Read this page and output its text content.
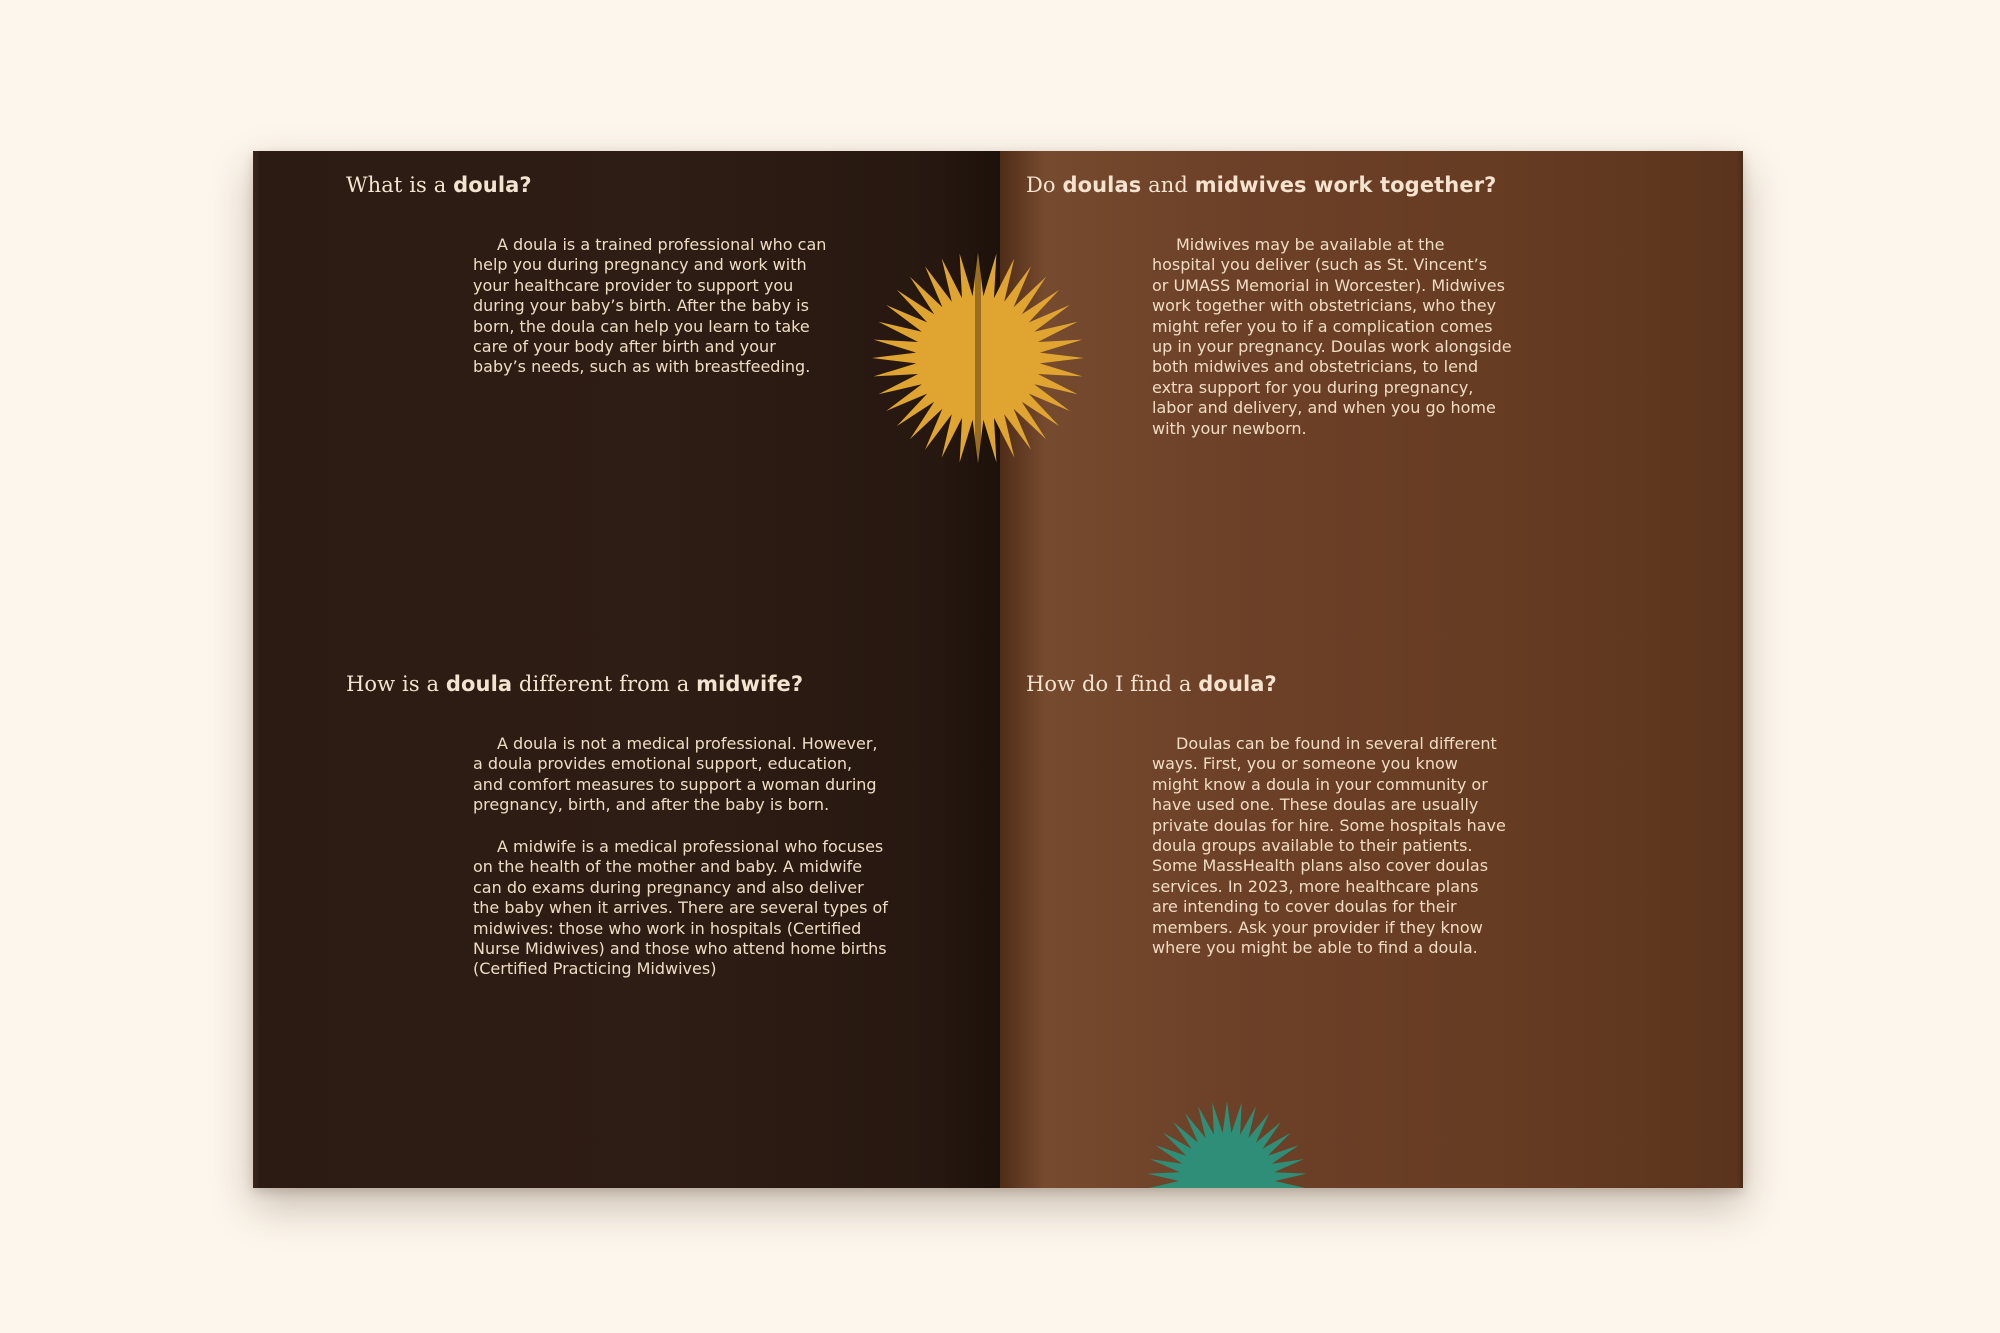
What is a doula?

A doula is a trained professional who can
help you during pregnancy and work with
your healthcare provider to support you
during your baby’s birth. After the baby is
born, the doula can help you learn to take
care of your body after birth and your
baby’s needs, such as with breastfeeding.

How is a doula different from a midwife?

A doula is not a medical professional. However,
a doula provides emotional support, education,
and comfort measures to support a woman during
pregnancy, birth, and after the baby is born.

A midwife is a medical professional who focuses
on the health of the mother and baby. A midwife
can do exams during pregnancy and also deliver
the baby when it arrives. There are several types of
midwives: those who work in hospitals (Certified
Nurse Midwives) and those who attend home births
(Certified Practicing Midwives)

Do doulas and midwives work together?

Midwives may be available at the
hospital you deliver (such as St. Vincent’s
or UMASS Memorial in Worcester). Midwives
work together with obstetricians, who they
might refer you to if a complication comes
up in your pregnancy. Doulas work alongside
both midwives and obstetricians, to lend
extra support for you during pregnancy,
labor and delivery, and when you go home
with your newborn.

How do I find a doula?

Doulas can be found in several different
ways. First, you or someone you know
might know a doula in your community or
have used one. These doulas are usually
private doulas for hire. Some hospitals have
doula groups available to their patients.
Some MassHealth plans also cover doulas
services. In 2023, more healthcare plans
are intending to cover doulas for their
members. Ask your provider if they know
where you might be able to find a doula.
